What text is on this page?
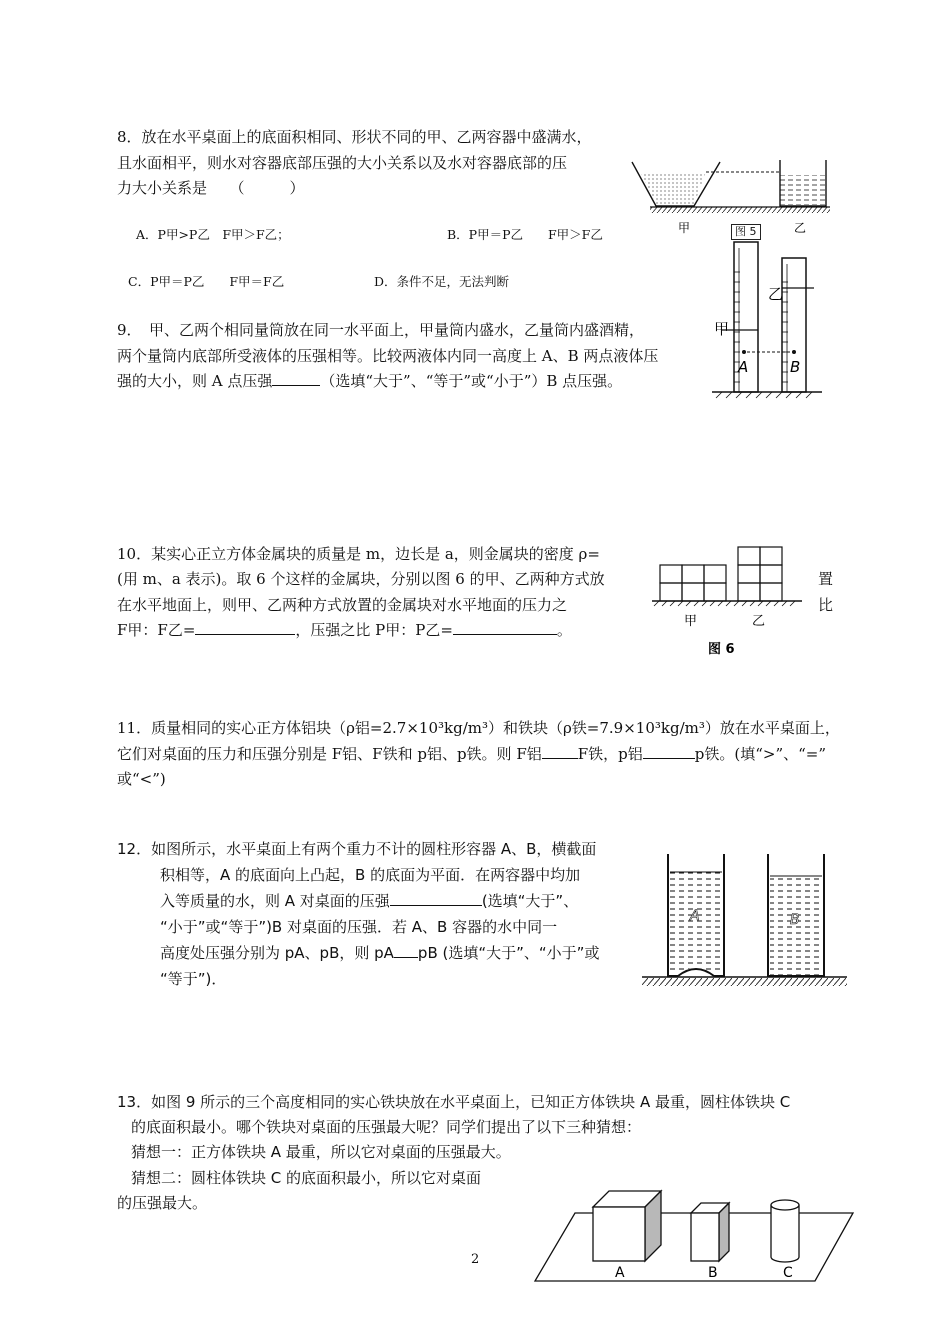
8．放在水平桌面上的底面积相同、形状不同的甲、乙两容器中盛满水，
且水面相平，则水对容器底部压强的大小关系以及水对容器底部的压
力大小关系是　　（　　　）
A．P甲>P乙　F甲＞F乙；	B．P甲＝P乙　　F甲＞F乙
C．P甲＝P乙　　F甲＝F乙	D．条件不足，无法判断
甲	乙
图 5
9．　甲、乙两个相同量筒放在同一水平面上，甲量筒内盛水，乙量筒内盛酒精，
两个量筒内底部所受液体的压强相等。比较两液体内同一高度上 A、B 两点液体压
强的大小，则 A 点压强	（选填“大于”、“等于”或“小于”）B 点压强。
甲
乙
A	B
10．某实心正立方体金属块的质量是 m，边长是 a，则金属块的密度 ρ=
(用 m、a 表示)。取 6 个这样的金属块，分别以图 6 的甲、乙两种方式放
在水平地面上，则甲、乙两种方式放置的金属块对水平地面的压力之
F甲：F乙=	，压强之比 P甲：P乙=	。
置
比
甲	乙
图 6
11．质量相同的实心正方体铝块（ρ铝=2.7×10³kg/m³）和铁块（ρ铁=7.9×10³kg/m³）放在水平桌面上，
它们对桌面的压力和压强分别是 F铝、F铁和 p铝、p铁。则 F铝 F铁，p铝	p铁。(填“>”、“=”
或“<”)
12．如图所示，水平桌面上有两个重力不计的圆柱形容器 A、B，横截面
积相等，A 的底面向上凸起，B 的底面为平面．在两容器中均加
入等质量的水，则 A 对桌面的压强	(选填“大于”、
“小于”或“等于”)B 对桌面的压强．若 A、B 容器的水中同一
高度处压强分别为 pA、pB，则 pA pB (选填“大于”、“小于”或
“等于”)．
A	B
13．如图 9 所示的三个高度相同的实心铁块放在水平桌面上，已知正方体铁块 A 最重，圆柱体铁块 C
的底面积最小。哪个铁块对桌面的压强最大呢？同学们提出了以下三种猜想：
猜想一：正方体铁块 A 最重，所以它对桌面的压强最大。
猜想二：圆柱体铁块 C 的底面积最小，所以它对桌面
的压强最大。
A	B	C
2
